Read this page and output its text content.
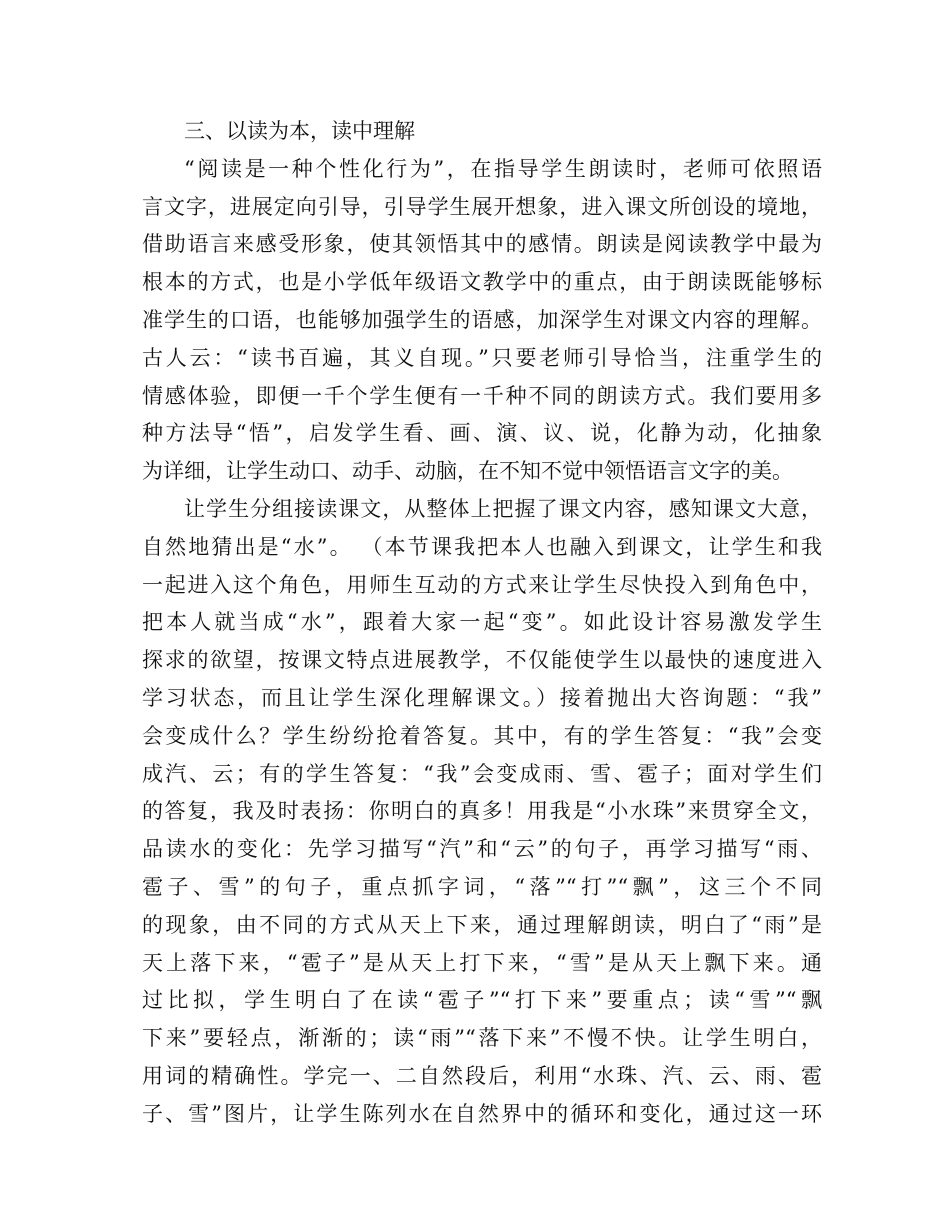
三、以读为本，读中理解
“阅读是一种个性化行为”，在指导学生朗读时，老师可依照语
言文字，进展定向引导，引导学生展开想象，进入课文所创设的境地，
借助语言来感受形象，使其领悟其中的感情。朗读是阅读教学中最为
根本的方式，也是小学低年级语文教学中的重点，由于朗读既能够标
准学生的口语，也能够加强学生的语感，加深学生对课文内容的理解。
古人云：“读书百遍，其义自现。”只要老师引导恰当，注重学生的
情感体验，即便一千个学生便有一千种不同的朗读方式。我们要用多
种方法导“悟”，启发学生看、画、演、议、说，化静为动，化抽象
为详细，让学生动口、动手、动脑，在不知不觉中领悟语言文字的美。
让学生分组接读课文，从整体上把握了课文内容，感知课文大意，
自然地猜出是“水”。 （本节课我把本人也融入到课文，让学生和我
一起进入这个角色，用师生互动的方式来让学生尽快投入到角色中，
把本人就当成“水”，跟着大家一起“变”。如此设计容易激发学生
探求的欲望，按课文特点进展教学，不仅能使学生以最快的速度进入
学习状态，而且让学生深化理解课文。）接着抛出大咨询题：“我”
会变成什么？学生纷纷抢着答复。其中，有的学生答复：“我”会变
成汽、云；有的学生答复：“我”会变成雨、雪、雹子；面对学生们
的答复，我及时表扬：你明白的真多！用我是“小水珠”来贯穿全文，
品读水的变化：先学习描写“汽”和“云”的句子，再学习描写“雨、
雹子、雪”的句子，重点抓字词，“落”“打”“飘”，这三个不同
的现象，由不同的方式从天上下来，通过理解朗读，明白了“雨”是
天上落下来，“雹子”是从天上打下来，“雪”是从天上飘下来。通
过比拟，学生明白了在读“雹子”“打下来”要重点；读“雪”“飘
下来”要轻点，渐渐的；读“雨”“落下来”不慢不快。让学生明白，
用词的精确性。学完一、二自然段后，利用“水珠、汽、云、雨、雹
子、雪”图片，让学生陈列水在自然界中的循环和变化，通过这一环
